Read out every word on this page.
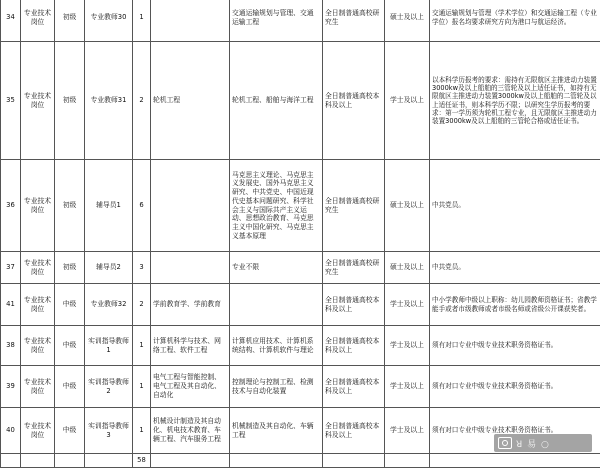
34	专业技术岗位	初级	专业教师30	1		交通运输规划与管理、交通运输工程	全日制普通高校研究生	硕士及以上	交通运输规划与管理（学术学位）和交通运输工程（专业学位）报名均要求研究方向为港口与航运经济。
35	专业技术岗位	初级	专业教师31	2	轮机工程	轮机工程、船舶与海洋工程	全日制普通高校本科及以上	学士及以上	以本科学历报考的要求：需持有无限航区主推进动力装置3000kw及以上船舶的三管轮及以上适任证书，如持有无限航区主推进动力装置3000kw及以上船舶的二管轮及以上适任证书，则本科学历不限；以研究生学历报考的要求：第一学历须为轮机工程专业，且无限航区主推进动力装置3000kw及以上船舶的三管轮合格或适任证书。
36	专业技术岗位	初级	辅导员1	6		马克思主义理论、马克思主义发展史、国外马克思主义研究、中共党史、中国近现代史基本问题研究、科学社会主义与国际共产主义运动、思想政治教育、马克思主义中国化研究、马克思主义基本原理	全日制普通高校研究生	硕士及以上	中共党员。
37	专业技术岗位	初级	辅导员2	3		专业不限	全日制普通高校研究生	硕士及以上	中共党员。
41	专业技术岗位	中级	专业教师32	2	学前教育学、学前教育		全日制普通高校本科及以上	学士及以上	中小学教师中级以上职称：幼儿园教师资格证书；省教学能手或者市级教师或者市级名师或省级公开课获奖者。
38	专业技术岗位	中级	实训指导教师1	1	计算机科学与技术、网络工程、软件工程	计算机应用技术、计算机系统结构、计算机软件与理论	全日制普通高校本科及以上	学士及以上	须有对口专业中级专业技术职务资格证书。
39	专业技术岗位	中级	实训指导教师2	1	电气工程与智能控制、电气工程及其自动化、自动化	控制理论与控制工程、检测技术与自动化装置	全日制普通高校本科及以上	学士及以上	须有对口专业中级专业技术职务资格证书。
40	专业技术岗位	中级	实训指导教师3	1	机械设计制造及其自动化、机电技术教育、车辆工程、汽车服务工程	机械制造及其自动化、车辆工程	全日制普通高校本科及以上	学士及以上	须有对口专业中级专业技术职务资格证书。
				58					
ꓤ 易 ○
